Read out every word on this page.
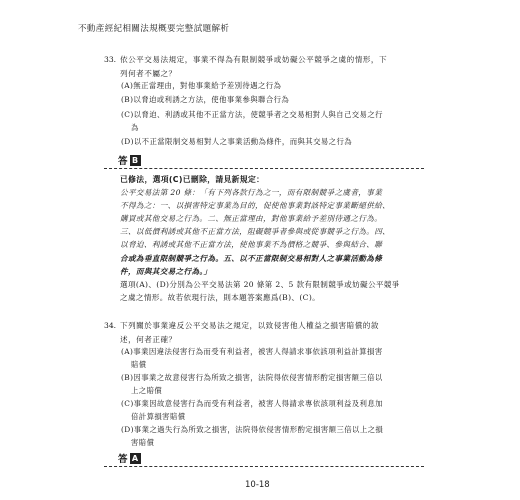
不動產經紀相關法規概要完整試題解析
33. 依公平交易法規定，事業不得為有限制競爭或妨礙公平競爭之虞的情形，下
列何者不屬之？
(A)無正當理由，對他事業給予差別待遇之行為
(B)以脅迫或利誘之方法，使他事業參與聯合行為
(C)以脅迫、利誘或其他不正當方法，使競爭者之交易相對人與自己交易之行
為
(D)以不正當限制交易相對人之事業活動為條件，而與其交易之行為
答 B
已修法，選項(C)已刪除，請見新規定：
公平交易法第 20 條：「有下列各款行為之一，而有限制競爭之虞者，事業
不得為之：一、以損害特定事業為目的，促使他事業對該特定事業斷絕供給、
購買或其他交易之行為。二、無正當理由，對他事業給予差別待遇之行為。
三、以低價利誘或其他不正當方法，阻礙競爭者參與或從事競爭之行為。四、
以脅迫、利誘或其他不正當方法，使他事業不為價格之競爭、參與結合、聯
合或為垂直限制競爭之行為。五、以不正當限制交易相對人之事業活動為條
件，而與其交易之行為。」
選項(A)、(D)分別為公平交易法第 20 條第 2、5 款有限制競爭或妨礙公平競爭
之虞之情形。故若依現行法，則本題答案應爲(B)、(C)。
34. 下列關於事業違反公平交易法之規定，以致侵害他人權益之損害賠償的敘
述，何者正確？
(A)事業因違法侵害行為而受有利益者，被害人得請求事依該項利益計算損害
賠償
(B)因事業之故意侵害行為所致之損害，法院得依侵害情形酌定損害額三倍以
上之賠償
(C)事業因故意侵害行為而受有利益者，被害人得請求專依該項利益及利息加
倍計算損害賠償
(D)事業之過失行為所致之損害，法院得依侵害情形酌定損害額三倍以上之損
害賠償
答 A
10-18
